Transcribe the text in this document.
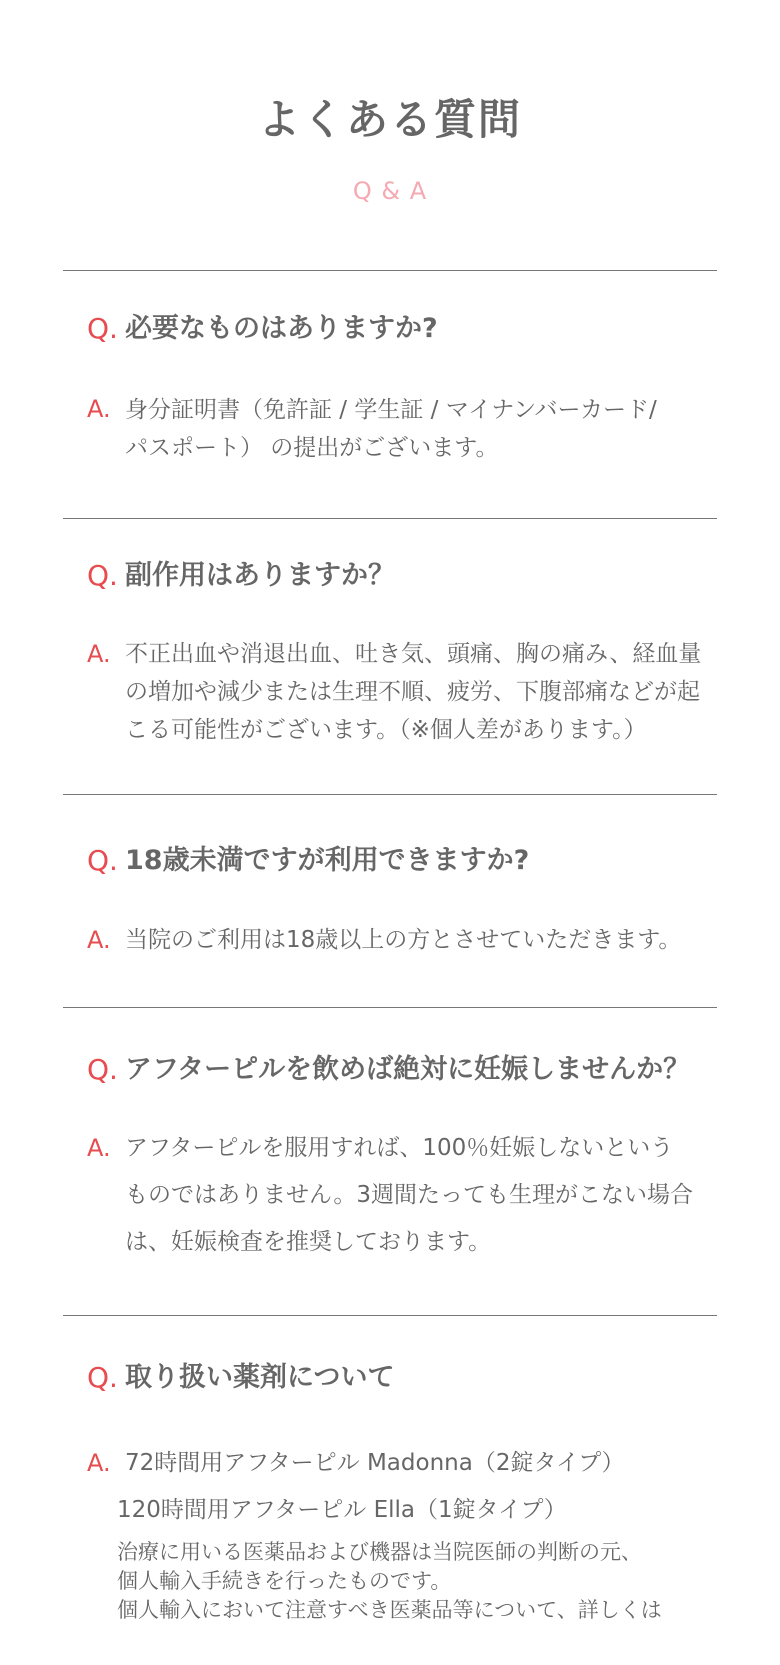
よくある質問
Q & A
Q. 必要なものはありますか?
A. 身分証明書（免許証 / 学生証 / マイナンバーカード/
パスポート） の提出がございます。
Q. 副作用はありますか？
A. 不正出血や消退出血、吐き気、頭痛、胸の痛み、経血量
の増加や減少または生理不順、疲労、下腹部痛などが起
こる可能性がございます。（※個人差があります。）
Q. 18歳未満ですが利用できますか?
A. 当院のご利用は18歳以上の方とさせていただきます。
Q. アフターピルを飲めば絶対に妊娠しませんか？
A. アフターピルを服用すれば、100％妊娠しないという
ものではありません。3週間たっても生理がこない場合
は、妊娠検査を推奨しております。
Q. 取り扱い薬剤について
A. 72時間用アフターピル Madonna（2錠タイプ）
120時間用アフターピル Ella（1錠タイプ）
治療に用いる医薬品および機器は当院医師の判断の元、
個人輸入手続きを行ったものです。
個人輸入において注意すべき医薬品等について、詳しくは
